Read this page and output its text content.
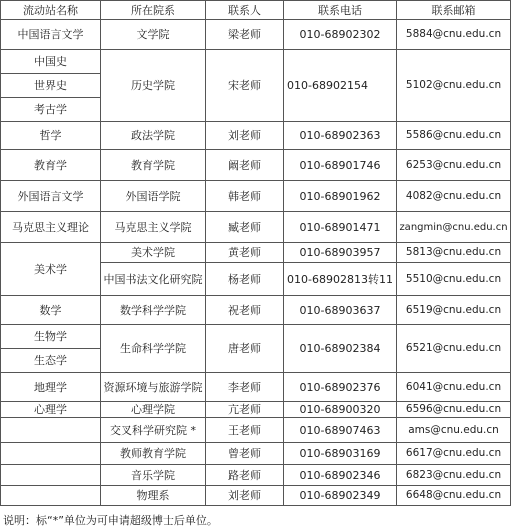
流动站名称	所在院系	联系人	联系电话	联系邮箱
中国语言文学	文学院	梁老师	010-68902302	5884@cnu.edu.cn
中国史	历史学院	宋老师	010-68902154	5102@cnu.edu.cn
世界史				
考古学				
哲学	政法学院	刘老师	010-68902363	5586@cnu.edu.cn
教育学	教育学院	阚老师	010-68901746	6253@cnu.edu.cn
外国语言文学	外国语学院	韩老师	010-68901962	4082@cnu.edu.cn
马克思主义理论	马克思主义学院	臧老师	010-68901471	zangmin@cnu.edu.cn
美术学	美术学院	黄老师	010-68903957	5813@cnu.edu.cn
	中国书法文化研究院	杨老师	010-68902813转11	5510@cnu.edu.cn
数学	数学科学学院	祝老师	010-68903637	6519@cnu.edu.cn
生物学	生命科学学院	唐老师	010-68902384	6521@cnu.edu.cn
生态学				
地理学	资源环境与旅游学院	李老师	010-68902376	6041@cnu.edu.cn
心理学	心理学院	亢老师	010-68900320	6596@cnu.edu.cn
	交叉科学研究院 *	王老师	010-68907463	ams@cnu.edu.cn
	教师教育学院	曾老师	010-68903169	6617@cnu.edu.cn
	音乐学院	路老师	010-68902346	6823@cnu.edu.cn
	物理系	刘老师	010-68902349	6648@cnu.edu.cn
说明：标“*”单位为可申请超级博士后单位。
